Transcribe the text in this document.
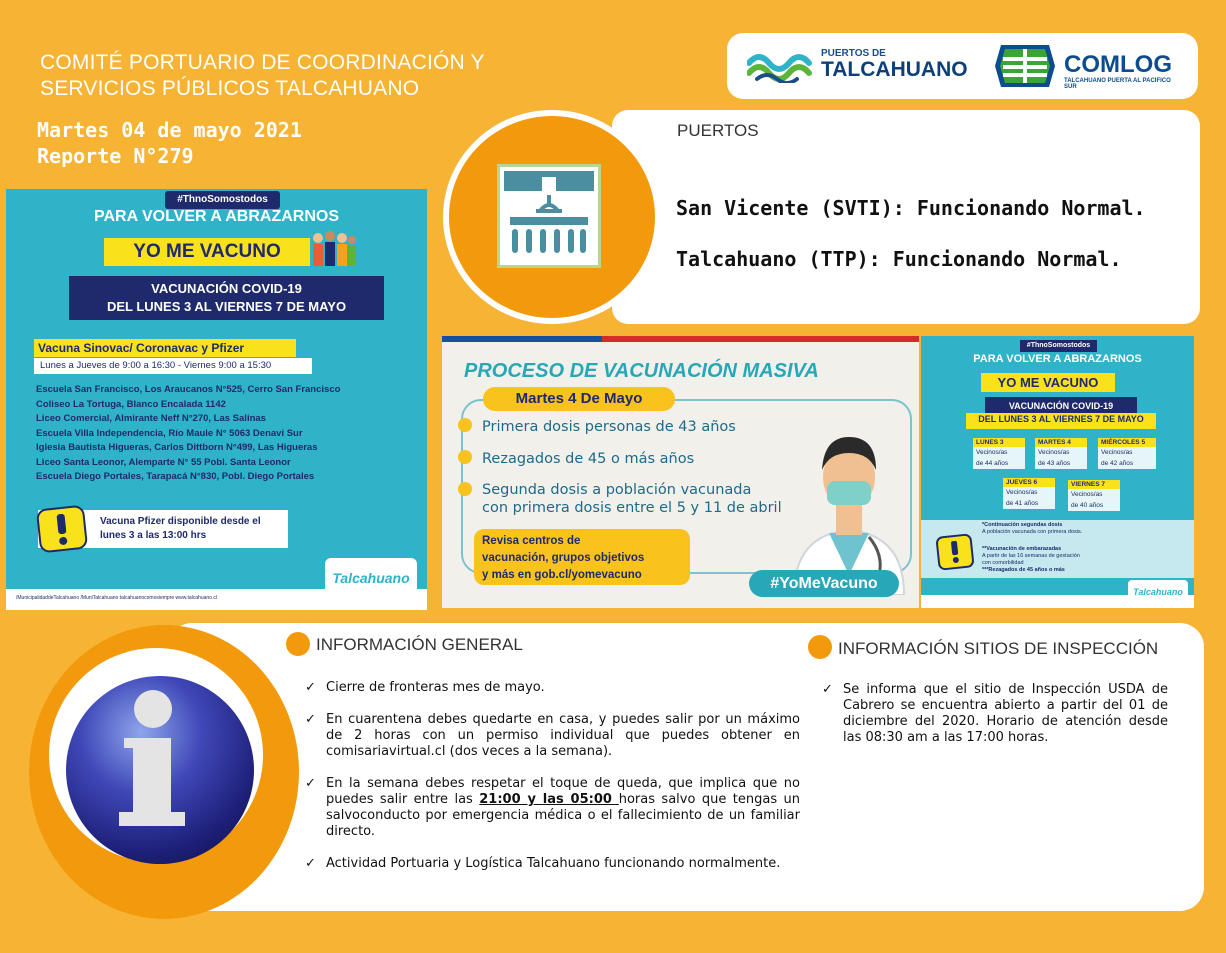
COMITÉ PORTUARIO DE COORDINACIÓN Y
SERVICIOS PÚBLICOS TALCAHUANO
Martes 04 de mayo 2021
Reporte N°279
PUERTOS DE
TALCAHUANO	COMLOG
TALCAHUANO PUERTA AL PACIFICO SUR
PUERTOS
San Vicente (SVTI): Funcionando Normal.
Talcahuano (TTP): Funcionando Normal.
#ThnoSomostodos
PARA VOLVER A ABRAZARNOS
YO ME VACUNO
VACUNACIÓN COVID-19
DEL LUNES 3 AL VIERNES 7 DE MAYO
Vacuna Sinovac/ Coronavac y Pfizer
Lunes a Jueves de 9:00 a 16:30 - Viernes 9:00 a 15:30
Escuela San Francisco, Los Araucanos N°525, Cerro San Francisco
Coliseo La Tortuga, Blanco Encalada 1142
Liceo Comercial, Almirante Neff N°270, Las Salinas
Escuela Villa Independencia, Río Maule N° 5063 Denavi Sur
Iglesia Bautista Higueras, Carlos Dittborn N°499, Las Higueras
Liceo Santa Leonor, Alemparte N° 55 Pobl. Santa Leonor
Escuela Diego Portales, Tarapacá N°830, Pobl. Diego Portales
Vacuna Pfizer disponible desde el
lunes 3 a las 13:00 hrs
/MunicipalidaddeTalcahuano /MuniTalcahuano talcahuanocomosiempre www.talcahuano.cl
Talcahuano
PROCESO DE VACUNACIÓN MASIVA
Martes 4 De Mayo
Primera dosis personas de 43 años
Rezagados de 45 o más años
Segunda dosis a población vacunada
con primera dosis entre el 5 y 11 de abril
Revisa centros de
vacunación, grupos objetivos
y más en gob.cl/yomevacuno	#YoMeVacuno
#ThnoSomostodos
PARA VOLVER A ABRAZARNOS
YO ME VACUNO
VACUNACIÓN COVID-19
DEL LUNES 3 AL VIERNES 7 DE MAYO
LUNES 3
Vecinos/as
de 44 años
MARTES 4
Vecinos/as
de 43 años
MIÉRCOLES 5
Vecinos/as
de 42 años
JUEVES 6
Vecinos/as
de 41 años
VIERNES 7
Vecinos/as
de 40 años
*Continuación segundas dosis
A población vacunada con primera dosis.
**Vacunación de embarazadas
A partir de las 16 semanas de gestación
con comorbilidad
***Rezagados de 45 años o más
Talcahuano
INFORMACIÓN GENERAL
✓ Cierre de fronteras mes de mayo.
✓ En cuarentena debes quedarte en casa, y puedes salir por un máximo de 2 horas con un permiso individual que puedes obtener en comisariavirtual.cl (dos veces a la semana).
✓ En la semana debes respetar el toque de queda, que implica que no puedes salir entre las 21:00 y las 05:00 horas salvo que tengas un salvoconducto por emergencia médica o el fallecimiento de un familiar directo.
✓ Actividad Portuaria y Logística Talcahuano funcionando normalmente.
INFORMACIÓN SITIOS DE INSPECCIÓN
✓ Se informa que el sitio de Inspección USDA de Cabrero se encuentra abierto a partir del 01 de diciembre del 2020. Horario de atención desde las 08:30 am a las 17:00 horas.
